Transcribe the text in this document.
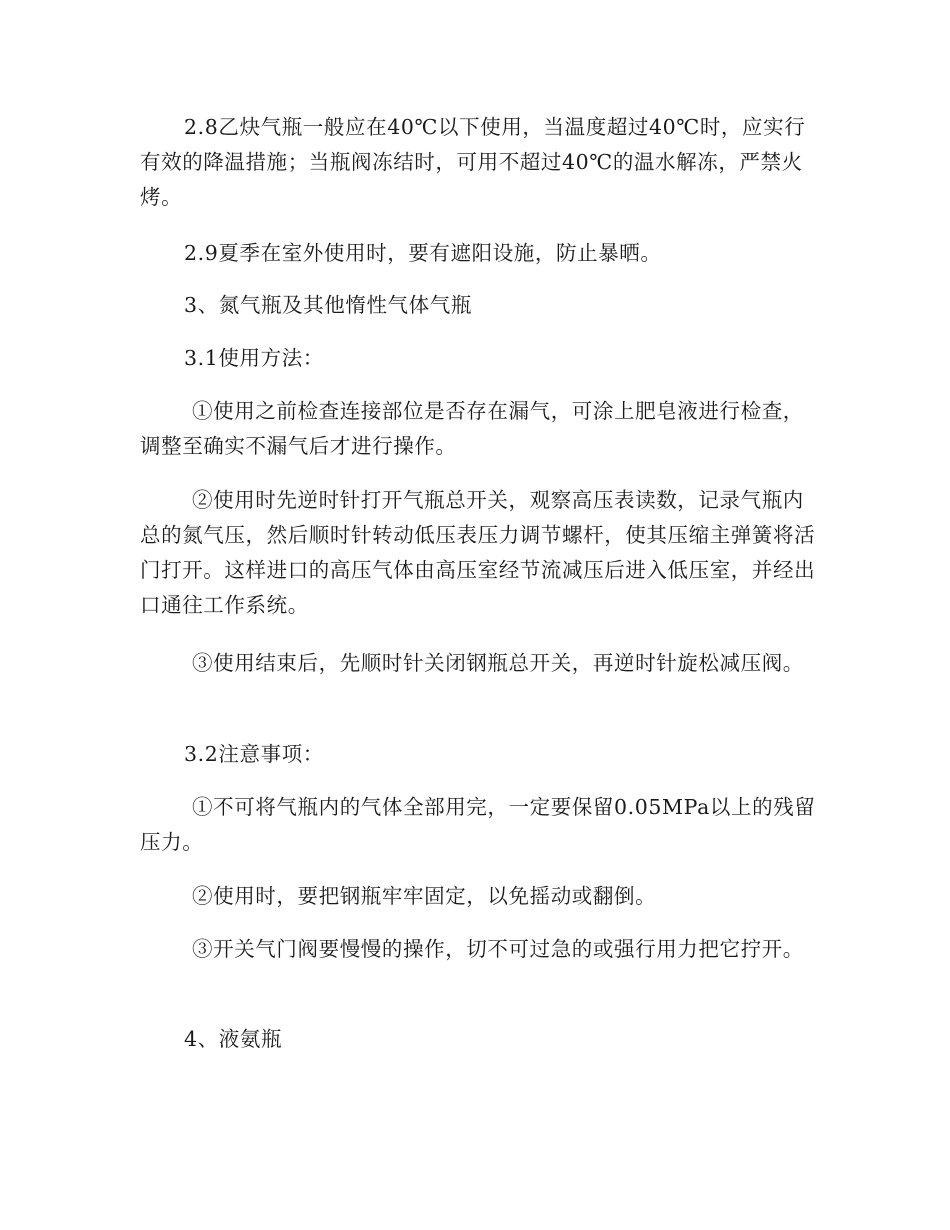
2.8乙炔气瓶一般应在40℃以下使用，当温度超过40℃时，应实行有效的降温措施；当瓶阀冻结时，可用不超过40℃的温水解冻，严禁火烤。

2.9夏季在室外使用时，要有遮阳设施，防止暴晒。

3、氮气瓶及其他惰性气体气瓶

3.1使用方法：

①使用之前检查连接部位是否存在漏气，可涂上肥皂液进行检查，调整至确实不漏气后才进行操作。

②使用时先逆时针打开气瓶总开关，观察高压表读数，记录气瓶内总的氮气压，然后顺时针转动低压表压力调节螺杆，使其压缩主弹簧将活门打开。这样进口的高压气体由高压室经节流减压后进入低压室，并经出口通往工作系统。

③使用结束后，先顺时针关闭钢瓶总开关，再逆时针旋松减压阀。

3.2注意事项：

①不可将气瓶内的气体全部用完，一定要保留0.05MPa以上的残留压力。

②使用时，要把钢瓶牢牢固定，以免摇动或翻倒。

③开关气门阀要慢慢的操作，切不可过急的或强行用力把它拧开。

4、液氨瓶
